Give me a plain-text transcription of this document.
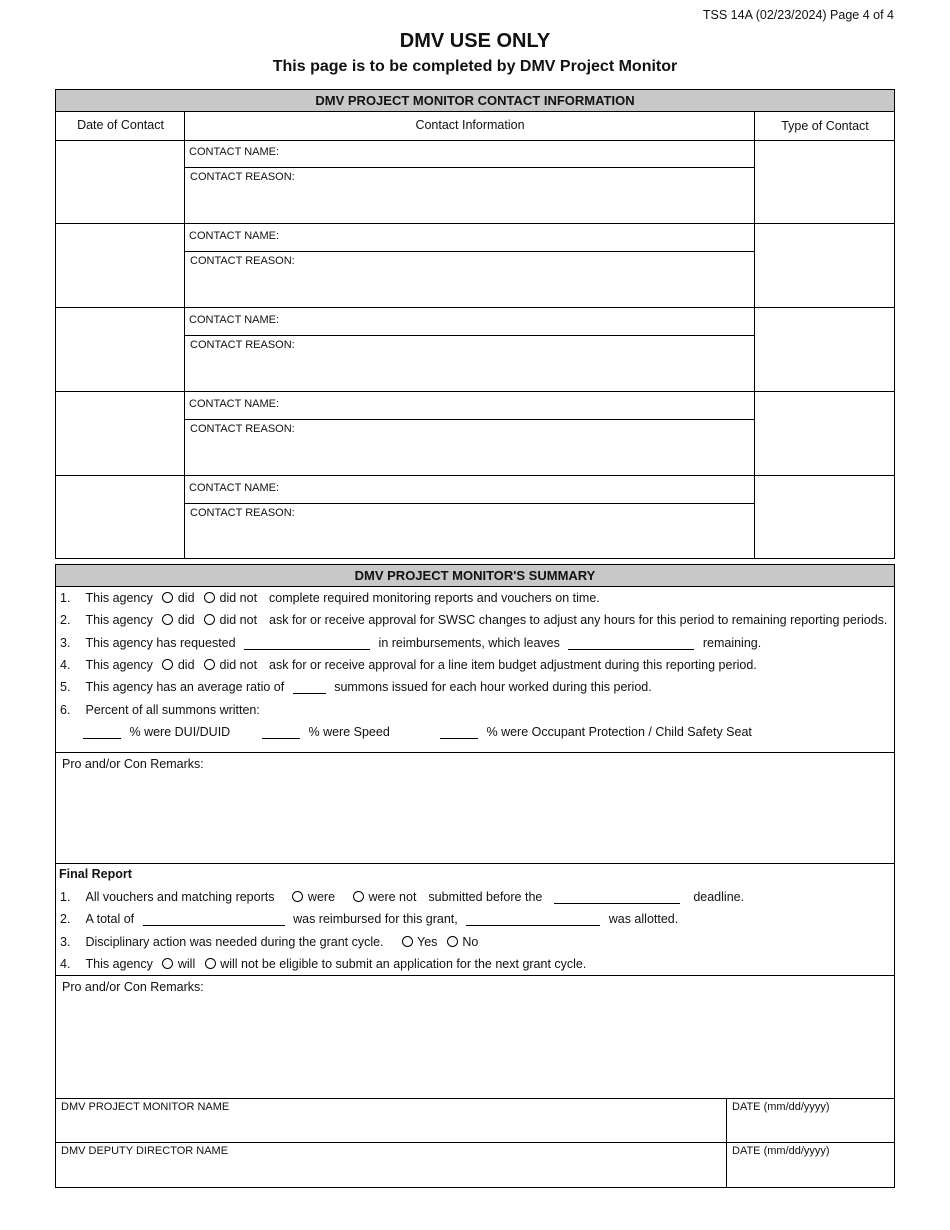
TSS 14A (02/23/2024) Page 4 of 4
DMV USE ONLY
This page is to be completed by DMV Project Monitor
DMV PROJECT MONITOR CONTACT INFORMATION
Date of Contact	Contact Information	Type of Contact
CONTACT NAME:
CONTACT REASON:
CONTACT NAME:
CONTACT REASON:
CONTACT NAME:
CONTACT REASON:
CONTACT NAME:
CONTACT REASON:
CONTACT NAME:
CONTACT REASON:
DMV PROJECT MONITOR'S SUMMARY
1. This agency did did not complete required monitoring reports and vouchers on time.
2. This agency did did not ask for or receive approval for SWSC changes to adjust any hours for this period to remaining reporting periods.
3. This agency has requested	in reimbursements, which leaves	remaining.
4. This agency did did not ask for or receive approval for a line item budget adjustment during this reporting period.
5. This agency has an average ratio of	summons issued for each hour worked during this period.
6. Percent of all summons written:
% were DUI/DUID	% were Speed	% were Occupant Protection / Child Safety Seat
Pro and/or Con Remarks:
Final Report
1. All vouchers and matching reports	were	were not submitted before the	deadline.
2. A total of	was reimbursed for this grant,	was allotted.
3. Disciplinary action was needed during the grant cycle.	Yes No
4. This agency will will not be eligible to submit an application for the next grant cycle.
Pro and/or Con Remarks:
DMV PROJECT MONITOR NAME	DATE (mm/dd/yyyy)
DMV DEPUTY DIRECTOR NAME	DATE (mm/dd/yyyy)
